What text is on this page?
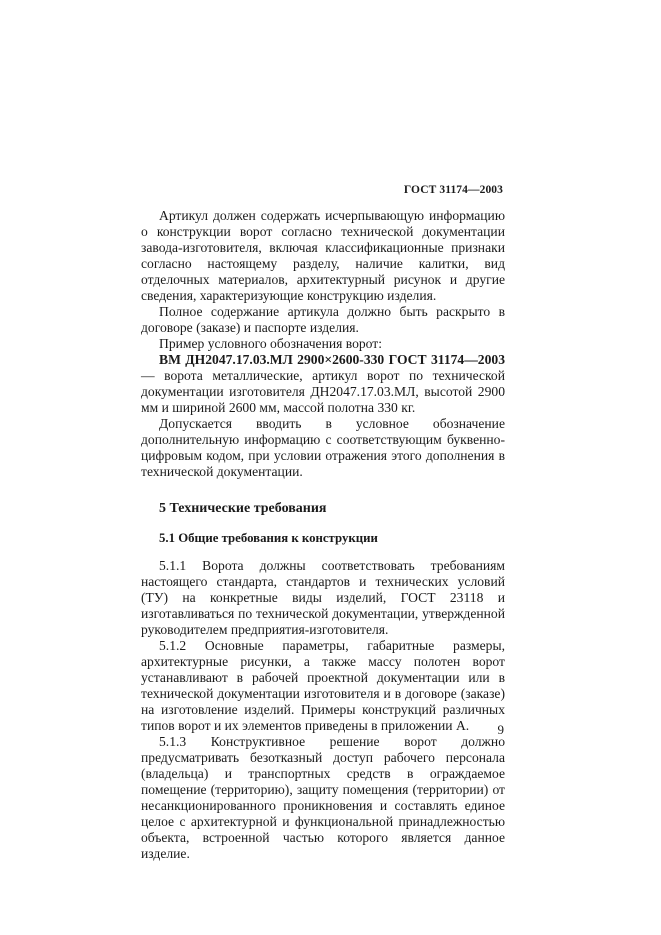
ГОСТ 31174—2003

Артикул должен содержать исчерпывающую информацию о конструкции ворот согласно технической документации завода-изготовителя, включая классификационные признаки согласно настоящему разделу, наличие калитки, вид отделочных материалов, архитектурный рисунок и другие сведения, характеризующие конструкцию изделия.

Полное содержание артикула должно быть раскрыто в договоре (заказе) и паспорте изделия.

Пример условного обозначения ворот:

ВМ ДН2047.17.03.МЛ 2900×2600-330 ГОСТ 31174—2003 — ворота металлические, артикул ворот по технической документации изготовителя ДН2047.17.03.МЛ, высотой 2900 мм и шириной 2600 мм, массой полотна 330 кг.

Допускается вводить в условное обозначение дополнительную информацию с соответствующим буквенно-цифровым кодом, при условии отражения этого дополнения в технической документации.

5 Технические требования

5.1 Общие требования к конструкции

5.1.1 Ворота должны соответствовать требованиям настоящего стандарта, стандартов и технических условий (ТУ) на конкретные виды изделий, ГОСТ 23118 и изготавливаться по технической документации, утвержденной руководителем предприятия-изготовителя.

5.1.2 Основные параметры, габаритные размеры, архитектурные рисунки, а также массу полотен ворот устанавливают в рабочей проектной документации или в технической документации изготовителя и в договоре (заказе) на изготовление изделий. Примеры конструкций различных типов ворот и их элементов приведены в приложении А.

5.1.3 Конструктивное решение ворот должно предусматривать безотказный доступ рабочего персонала (владельца) и транспортных средств в ограждаемое помещение (территорию), защиту помещения (территории) от несанкционированного проникновения и составлять единое целое с архитектурной и функциональной принадлежностью объекта, встроенной частью которого является данное изделие.

9
